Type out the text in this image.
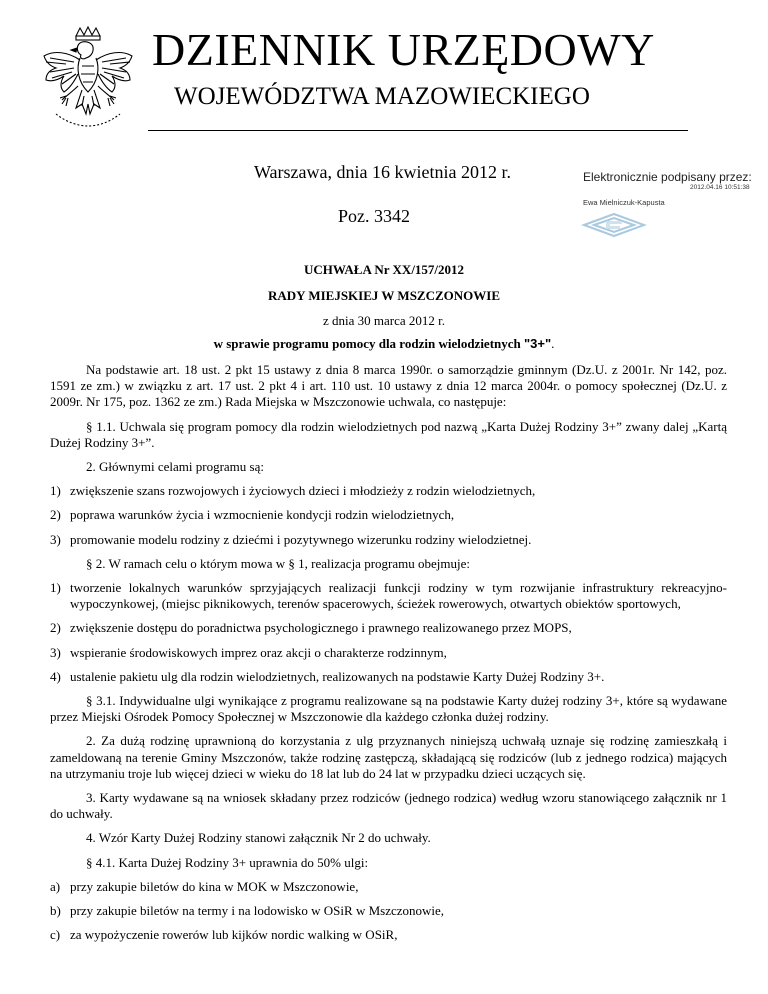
DZIENNIK URZĘDOWY
WOJEWÓDZTWA MAZOWIECKIEGO
Warszawa, dnia 16 kwietnia 2012 r.
Poz. 3342
Elektronicznie podpisany przez:
2012.04.16 10:51:38
Ewa Mielniczuk-Kapusta
UCHWAŁA Nr XX/157/2012
RADY MIEJSKIEJ W MSZCZONOWIE
z dnia 30 marca 2012 r.
w sprawie programu pomocy dla rodzin wielodzietnych "3+".

Na podstawie art. 18 ust. 2 pkt 15 ustawy z dnia 8 marca 1990r. o samorządzie gminnym (Dz.U. z 2001r. Nr 142, poz. 1591 ze zm.) w związku z art. 17 ust. 2 pkt 4 i art. 110 ust. 10 ustawy z dnia 12 marca 2004r. o pomocy społecznej (Dz.U. z 2009r. Nr 175, poz. 1362 ze zm.) Rada Miejska w Mszczonowie uchwala, co następuje:

§ 1.1. Uchwala się program pomocy dla rodzin wielodzietnych pod nazwą „Karta Dużej Rodziny 3+” zwany dalej „Kartą Dużej Rodziny 3+”.

2. Głównymi celami programu są:

1) zwiększenie szans rozwojowych i życiowych dzieci i młodzieży z rodzin wielodzietnych,
2) poprawa warunków życia i wzmocnienie kondycji rodzin wielodzietnych,
3) promowanie modelu rodziny z dziećmi i pozytywnego wizerunku rodziny wielodzietnej.

§ 2. W ramach celu o którym mowa w § 1, realizacja programu obejmuje:

1) tworzenie lokalnych warunków sprzyjających realizacji funkcji rodziny w tym rozwijanie infrastruktury rekreacyjno-wypoczynkowej, (miejsc piknikowych, terenów spacerowych, ścieżek rowerowych, otwartych obiektów sportowych,
2) zwiększenie dostępu do poradnictwa psychologicznego i prawnego realizowanego przez MOPS,
3) wspieranie środowiskowych imprez oraz akcji o charakterze rodzinnym,
4) ustalenie pakietu ulg dla rodzin wielodzietnych, realizowanych na podstawie Karty Dużej Rodziny 3+.

§ 3.1. Indywidualne ulgi wynikające z programu realizowane są na podstawie Karty dużej rodziny 3+, które są wydawane przez Miejski Ośrodek Pomocy Społecznej w Mszczonowie dla każdego członka dużej rodziny.

2. Za dużą rodzinę uprawnioną do korzystania z ulg przyznanych niniejszą uchwałą uznaje się rodzinę zamieszkałą i zameldowaną na terenie Gminy Mszczonów, także rodzinę zastępczą, składającą się rodziców (lub z jednego rodzica) mających na utrzymaniu troje lub więcej dzieci w wieku do 18 lat lub do 24 lat w przypadku dzieci uczących się.

3. Karty wydawane są na wniosek składany przez rodziców (jednego rodzica) według wzoru stanowiącego załącznik nr 1 do uchwały.

4. Wzór Karty Dużej Rodziny stanowi załącznik Nr 2 do uchwały.

§ 4.1. Karta Dużej Rodziny 3+ uprawnia do 50% ulgi:

a) przy zakupie biletów do kina w MOK w Mszczonowie,
b) przy zakupie biletów na termy i na lodowisko w OSiR w Mszczonowie,
c) za wypożyczenie rowerów lub kijków nordic walking w OSiR,
